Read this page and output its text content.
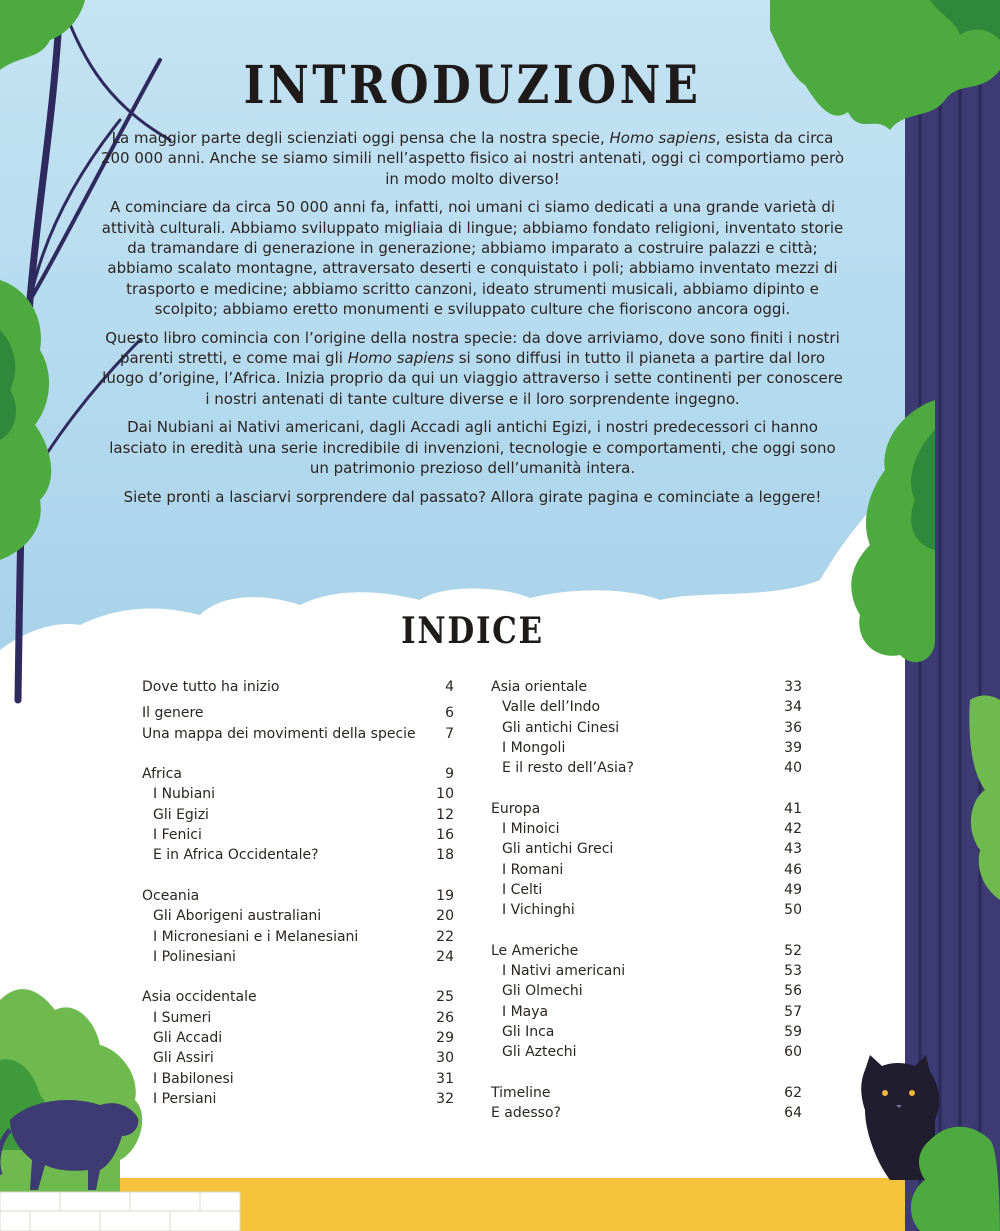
INTRODUZIONE

La maggior parte degli scienziati oggi pensa che la nostra specie, Homo sapiens, esista da circa 200 000 anni. Anche se siamo simili nell’aspetto fisico ai nostri antenati, oggi ci comportiamo però in modo molto diverso!

A cominciare da circa 50 000 anni fa, infatti, noi umani ci siamo dedicati a una grande varietà di attività culturali. Abbiamo sviluppato migliaia di lingue; abbiamo fondato religioni, inventato storie da tramandare di generazione in generazione; abbiamo imparato a costruire palazzi e città; abbiamo scalato montagne, attraversato deserti e conquistato i poli; abbiamo inventato mezzi di trasporto e medicine; abbiamo scritto canzoni, ideato strumenti musicali, abbiamo dipinto e scolpito; abbiamo eretto monumenti e sviluppato culture che fioriscono ancora oggi.

Questo libro comincia con l’origine della nostra specie: da dove arriviamo, dove sono finiti i nostri parenti stretti, e come mai gli Homo sapiens si sono diffusi in tutto il pianeta a partire dal loro luogo d’origine, l’Africa. Inizia proprio da qui un viaggio attraverso i sette continenti per conoscere i nostri antenati di tante culture diverse e il loro sorprendente ingegno.

Dai Nubiani ai Nativi americani, dagli Accadi agli antichi Egizi, i nostri predecessori ci hanno lasciato in eredità una serie incredibile di invenzioni, tecnologie e comportamenti, che oggi sono un patrimonio prezioso dell’umanità intera.

Siete pronti a lasciarvi sorprendere dal passato? Allora girate pagina e cominciate a leggere!

INDICE
Dove tutto ha inizio	4
Il genere	6
Una mappa dei movimenti della specie 7
Africa	9
I Nubiani	10
Gli Egizi	12
I Fenici	16
E in Africa Occidentale?	18
Oceania	19
Gli Aborigeni australiani	20
I Micronesiani e i Melanesiani	22
I Polinesiani	24
Asia occidentale	25
I Sumeri	26
Gli Accadi	29
Gli Assiri	30
I Babilonesi	31
I Persiani	32
Asia orientale	33
Valle dell’Indo	34
Gli antichi Cinesi	36
I Mongoli	39
E il resto dell’Asia?	40
Europa	41
I Minoici	42
Gli antichi Greci	43
I Romani	46
I Celti	49
I Vichinghi	50
Le Americhe	52
I Nativi americani	53
Gli Olmechi	56
I Maya	57
Gli Inca	59
Gli Aztechi	60
Timeline	62
E adesso?	64
